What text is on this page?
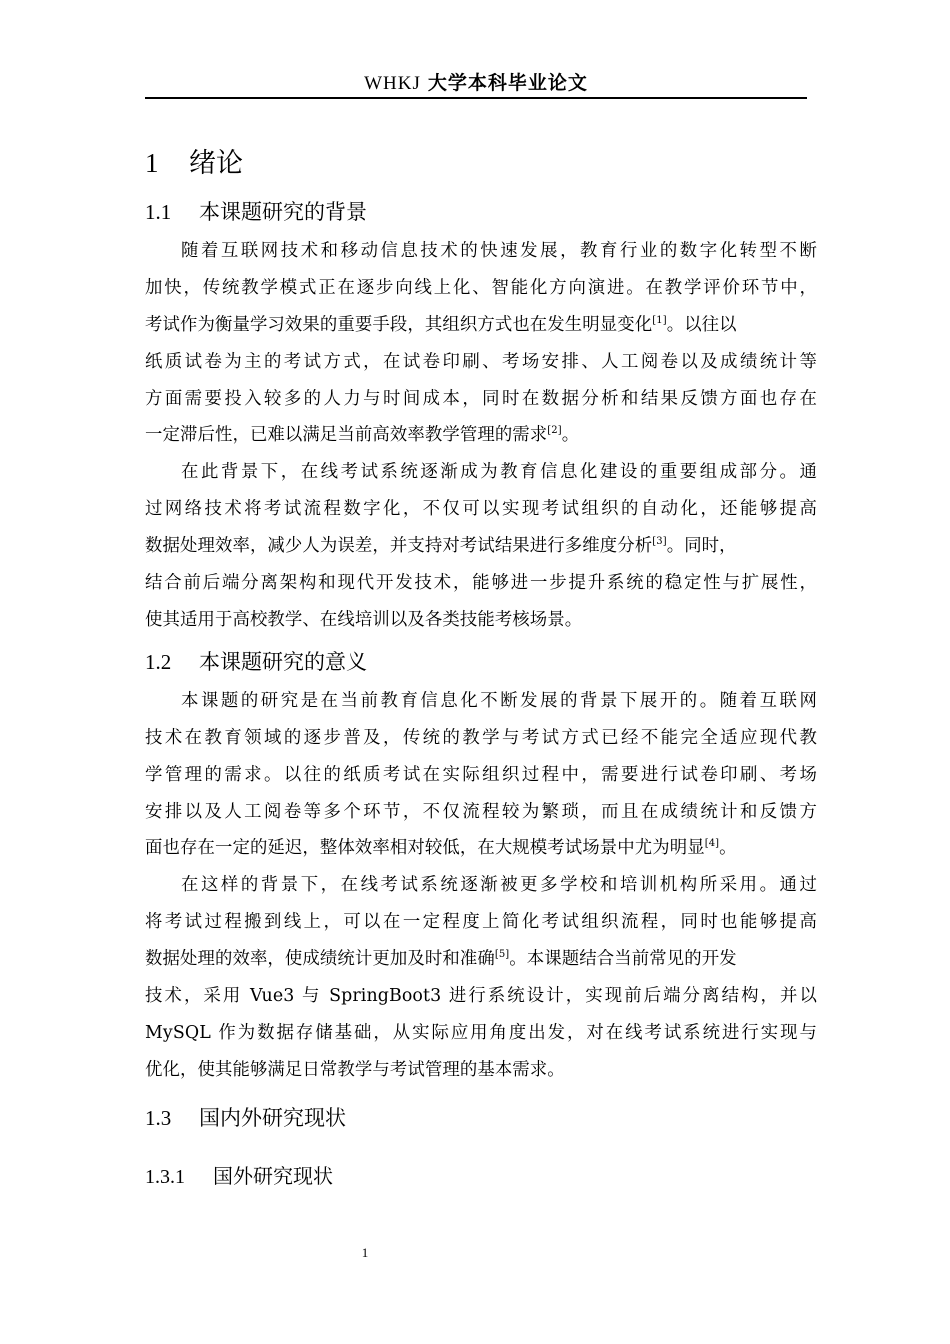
WHKJ 大学本科毕业论文
1 绪论
1.1 本课题研究的背景
随着互联网技术和移动信息技术的快速发展，教育行业的数字化转型不断
加快，传统教学模式正在逐步向线上化、智能化方向演进。在教学评价环节中，
考试作为衡量学习效果的重要手段，其组织方式也在发生明显变化[1]。以往以
纸质试卷为主的考试方式，在试卷印刷、考场安排、人工阅卷以及成绩统计等
方面需要投入较多的人力与时间成本，同时在数据分析和结果反馈方面也存在
一定滞后性，已难以满足当前高效率教学管理的需求[2]。
在此背景下，在线考试系统逐渐成为教育信息化建设的重要组成部分。通
过网络技术将考试流程数字化，不仅可以实现考试组织的自动化，还能够提高
数据处理效率，减少人为误差，并支持对考试结果进行多维度分析[3]。同时，
结合前后端分离架构和现代开发技术，能够进一步提升系统的稳定性与扩展性，
使其适用于高校教学、在线培训以及各类技能考核场景。
1.2 本课题研究的意义
本课题的研究是在当前教育信息化不断发展的背景下展开的。随着互联网
技术在教育领域的逐步普及，传统的教学与考试方式已经不能完全适应现代教
学管理的需求。以往的纸质考试在实际组织过程中，需要进行试卷印刷、考场
安排以及人工阅卷等多个环节，不仅流程较为繁琐，而且在成绩统计和反馈方
面也存在一定的延迟，整体效率相对较低，在大规模考试场景中尤为明显[4]。
在这样的背景下，在线考试系统逐渐被更多学校和培训机构所采用。通过
将考试过程搬到线上，可以在一定程度上简化考试组织流程，同时也能够提高
数据处理的效率，使成绩统计更加及时和准确[5]。本课题结合当前常见的开发
技术，采用 Vue3 与 SpringBoot3 进行系统设计，实现前后端分离结构，并以
MySQL 作为数据存储基础，从实际应用角度出发，对在线考试系统进行实现与
优化，使其能够满足日常教学与考试管理的基本需求。
1.3 国内外研究现状
1.3.1 国外研究现状
1
